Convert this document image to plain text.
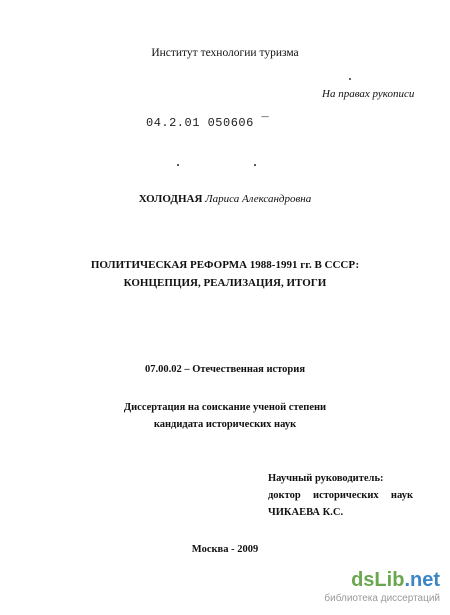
Институт технологии туризма
На правах рукописи
04.2.01 050606 ¯
ХОЛОДНАЯ Лариса Александровна
ПОЛИТИЧЕСКАЯ РЕФОРМА 1988-1991 гг. В СССР:
КОНЦЕПЦИЯ, РЕАЛИЗАЦИЯ, ИТОГИ
07.00.02 – Отечественная история
Диссертация на соискание ученой степени
кандидата исторических наук
Научный руководитель:
доктор исторических наук
ЧИКАЕВА К.С.
Москва - 2009
dsLib.net
библиотека диссертаций
